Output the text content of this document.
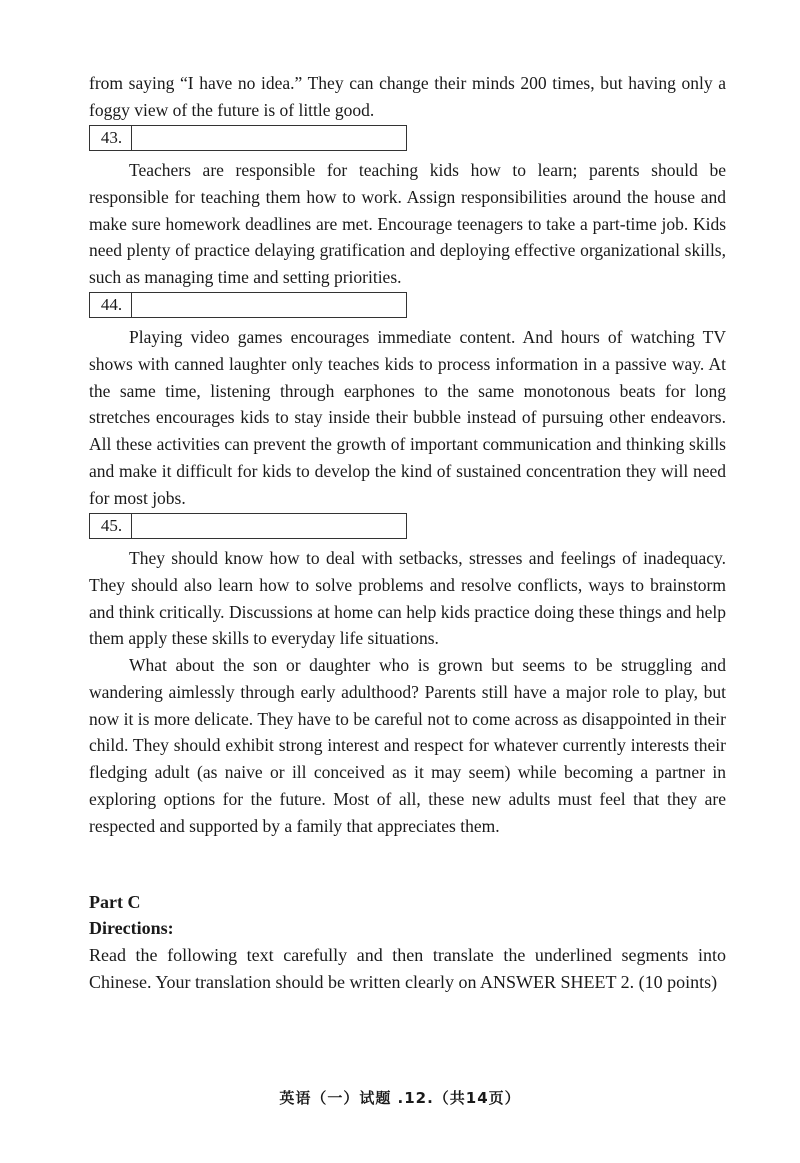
from saying “I have no idea.” They can change their minds 200 times, but having only a foggy view of the future is of little good.

43.

Teachers are responsible for teaching kids how to learn; parents should be responsible for teaching them how to work. Assign responsibilities around the house and make sure homework deadlines are met. Encourage teenagers to take a part-time job. Kids need plenty of practice delaying gratification and deploying effective organizational skills, such as managing time and setting priorities.

44.

Playing video games encourages immediate content. And hours of watching TV shows with canned laughter only teaches kids to process information in a passive way. At the same time, listening through earphones to the same monotonous beats for long stretches encourages kids to stay inside their bubble instead of pursuing other endeavors. All these activities can prevent the growth of important communication and thinking skills and make it difficult for kids to develop the kind of sustained concentration they will need for most jobs.

45.

They should know how to deal with setbacks, stresses and feelings of inadequacy. They should also learn how to solve problems and resolve conflicts, ways to brainstorm and think critically. Discussions at home can help kids practice doing these things and help them apply these skills to everyday life situations.

What about the son or daughter who is grown but seems to be struggling and wandering aimlessly through early adulthood? Parents still have a major role to play, but now it is more delicate. They have to be careful not to come across as disappointed in their child. They should exhibit strong interest and respect for whatever currently interests their fledging adult (as naive or ill conceived as it may seem) while becoming a partner in exploring options for the future. Most of all, these new adults must feel that they are respected and supported by a family that appreciates them.

Part C
Directions:

Read the following text carefully and then translate the underlined segments into Chinese. Your translation should be written clearly on ANSWER SHEET 2. (10 points)

英语（一）试题 .12.（共14页）
